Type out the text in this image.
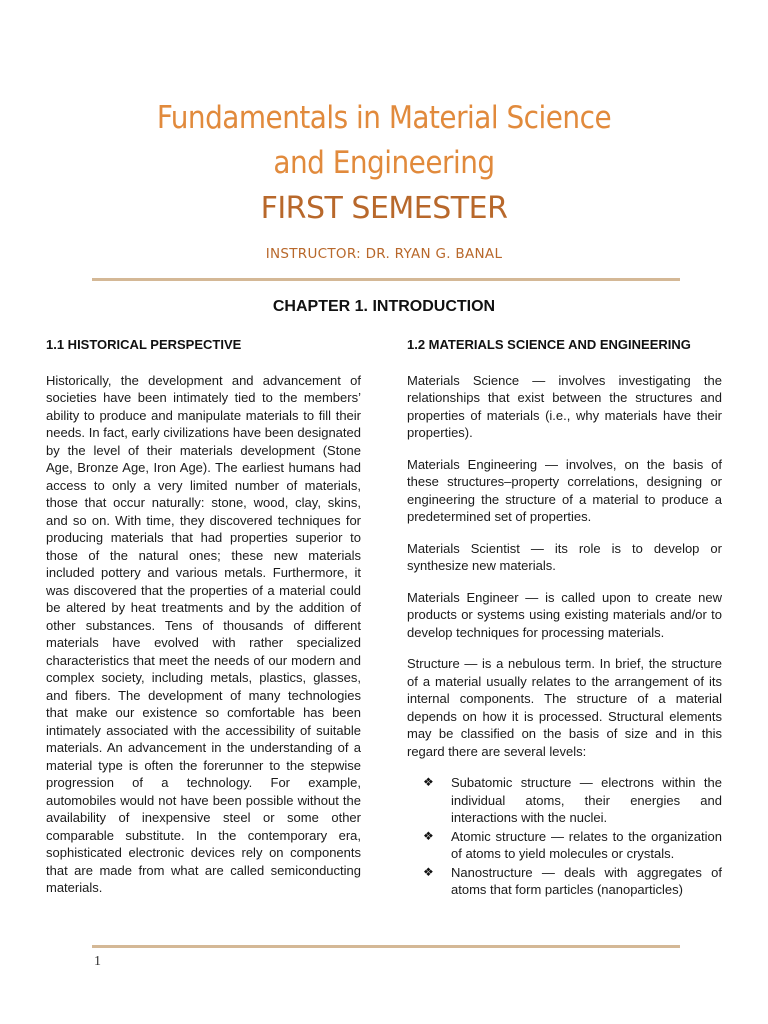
Fundamentals in Material Science
and Engineering
FIRST SEMESTER
INSTRUCTOR: DR. RYAN G. BANAL
CHAPTER 1. INTRODUCTION
1.1 HISTORICAL PERSPECTIVE

Historically, the development and advancement of societies have been intimately tied to the members’ ability to produce and manipulate materials to fill their needs. In fact, early civilizations have been designated by the level of their materials development (Stone Age, Bronze Age, Iron Age). The earliest humans had access to only a very limited number of materials, those that occur naturally: stone, wood, clay, skins, and so on. With time, they discovered techniques for producing materials that had properties superior to those of the natural ones; these new materials included pottery and various metals. Furthermore, it was discovered that the properties of a material could be altered by heat treatments and by the addition of other substances. Tens of thousands of different materials have evolved with rather specialized characteristics that meet the needs of our modern and complex society, including metals, plastics, glasses, and fibers. The development of many technologies that make our existence so comfortable has been intimately associated with the accessibility of suitable materials. An advancement in the understanding of a material type is often the forerunner to the stepwise progression of a technology. For example, automobiles would not have been possible without the availability of inexpensive steel or some other comparable substitute. In the contemporary era, sophisticated electronic devices rely on components that are made from what are called semiconducting materials.

1.2 MATERIALS SCIENCE AND ENGINEERING

Materials Science — involves investigating the relationships that exist between the structures and properties of materials (i.e., why materials have their properties).

Materials Engineering — involves, on the basis of these structures–property correlations, designing or engineering the structure of a material to produce a predetermined set of properties.

Materials Scientist — its role is to develop or synthesize new materials.

Materials Engineer — is called upon to create new products or systems using existing materials and/or to develop techniques for processing materials.

Structure — is a nebulous term. In brief, the structure of a material usually relates to the arrangement of its internal components. The structure of a material depends on how it is processed. Structural elements may be classified on the basis of size and in this regard there are several levels:

❖ Subatomic structure — electrons within the individual atoms, their energies and interactions with the nuclei.
❖ Atomic structure — relates to the organization of atoms to yield molecules or crystals.
❖ Nanostructure — deals with aggregates of atoms that form particles (nanoparticles)
1
